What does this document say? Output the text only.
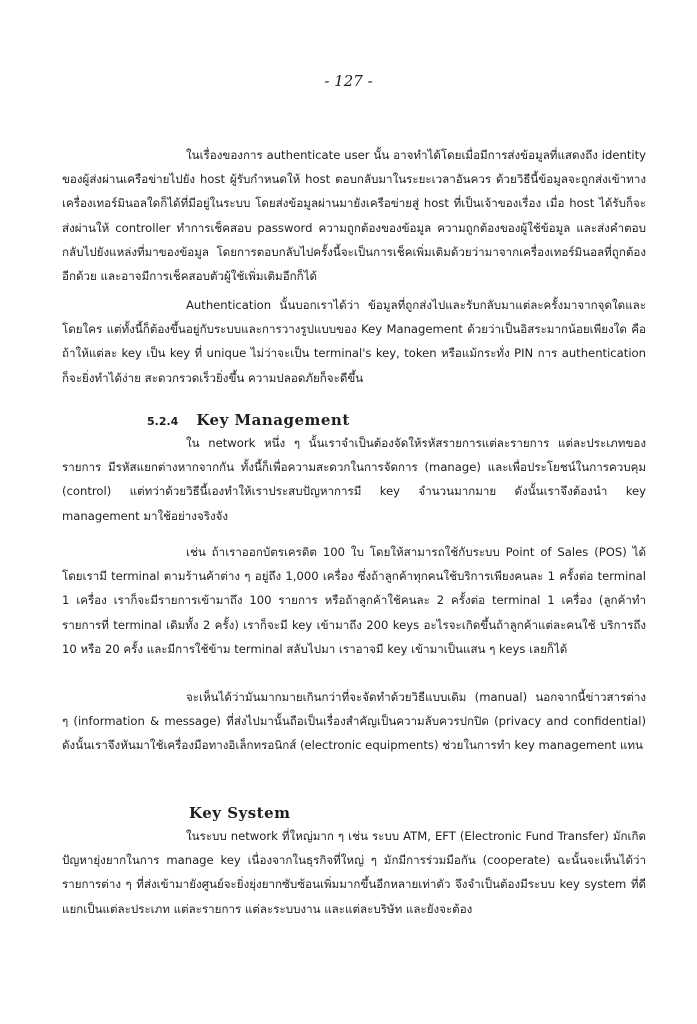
- 127 -

ในเรื่องของการ authenticate user นั้น อาจทำได้โดยเมื่อมีการส่งข้อมูลที่แสดงถึง identity ของผู้ส่งผ่านเครือข่ายไปยัง host ผู้รับกำหนดให้ host ตอบกลับมาในระยะเวลาอันควร ด้วยวิธีนี้ข้อมูลจะถูกส่งเข้าทางเครื่องเทอร์มินอลใดก็ได้ที่มีอยู่ในระบบ โดยส่งข้อมูลผ่านมายังเครือข่ายสู่ host ที่เป็นเจ้าของเรื่อง เมื่อ host ได้รับก็จะส่งผ่านให้ controller ทำการเช็คสอบ password ความถูกต้องของข้อมูล ความถูกต้องของผู้ใช้ข้อมูล และส่งคำตอบกลับไปยังแหล่งที่มาของข้อมูล โดยการตอบกลับไปครั้งนี้จะเป็นการเช็คเพิ่มเติมด้วยว่ามาจากเครื่องเทอร์มินอลที่ถูกต้องอีกด้วย และอาจมีการเช็คสอบตัวผู้ใช้เพิ่มเติมอีกก็ได้

Authentication นั้นบอกเราได้ว่า ข้อมูลที่ถูกส่งไปและรับกลับมาแต่ละครั้งมาจากจุดใดและโดยใคร แต่ทั้งนี้ก็ต้องขึ้นอยู่กับระบบและการวางรูปแบบของ Key Management ด้วยว่าเป็นอิสระมากน้อยเพียงใด คือถ้าให้แต่ละ key เป็น key ที่ unique ไม่ว่าจะเป็น terminal's key, token หรือแม้กระทั่ง PIN การ authentication ก็จะยิ่งทำได้ง่าย สะดวกรวดเร็วยิ่งขึ้น ความปลอดภัยก็จะดีขึ้น

5.2.4 Key Management

ใน network หนึ่ง ๆ นั้นเราจำเป็นต้องจัดให้รหัสรายการแต่ละรายการ แต่ละประเภทของรายการ มีรหัสแยกต่างหากจากกัน ทั้งนี้ก็เพื่อความสะดวกในการจัดการ (manage) และเพื่อประโยชน์ในการควบคุม (control) แต่ทว่าด้วยวิธีนี้เองทำให้เราประสบปัญหาการมี key จำนวนมากมาย ดังนั้นเราจึงต้องนำ key management มาใช้อย่างจริงจัง

เช่น ถ้าเราออกบัตรเครดิต 100 ใบ โดยให้สามารถใช้กับระบบ Point of Sales (POS) ได้โดยเรามี terminal ตามร้านค้าต่าง ๆ อยู่ถึง 1,000 เครื่อง ซึ่งถ้าลูกค้าทุกคนใช้บริการเพียงคนละ 1 ครั้งต่อ terminal 1 เครื่อง เราก็จะมีรายการเข้ามาถึง 100 รายการ หรือถ้าลูกค้าใช้คนละ 2 ครั้งต่อ terminal 1 เครื่อง (ลูกค้าทำรายการที่ terminal เดิมทั้ง 2 ครั้ง) เราก็จะมี key เข้ามาถึง 200 keys อะไรจะเกิดขึ้นถ้าลูกค้าแต่ละคนใช้ บริการถึง 10 หรือ 20 ครั้ง และมีการใช้ข้าม terminal สลับไปมา เราอาจมี key เข้ามาเป็นแสน ๆ keys เลยก็ได้

จะเห็นได้ว่ามันมากมายเกินกว่าที่จะจัดทำด้วยวิธีแบบเดิม (manual) นอกจากนี้ข่าวสารต่าง ๆ (information & message) ที่ส่งไปมานั้นถือเป็นเรื่องสำคัญเป็นความลับควรปกปิด (privacy and confidential) ดังนั้นเราจึงหันมาใช้เครื่องมือทางอิเล็กทรอนิกส์ (electronic equipments) ช่วยในการทำ key management แทน

Key System

ในระบบ network ที่ใหญ่มาก ๆ เช่น ระบบ ATM, EFT (Electronic Fund Transfer) มักเกิดปัญหายุ่งยากในการ manage key เนื่องจากในธุรกิจที่ใหญ่ ๆ มักมีการร่วมมือกัน (cooperate) ฉะนั้นจะเห็นได้ว่ารายการต่าง ๆ ที่ส่งเข้ามายังศูนย์จะยิ่งยุ่งยากซับซ้อนเพิ่มมากขึ้นอีกหลายเท่าตัว จึงจำเป็นต้องมีระบบ key system ที่ดี แยกเป็นแต่ละประเภท แต่ละรายการ แต่ละระบบงาน และแต่ละบริษัท และยังจะต้อง
